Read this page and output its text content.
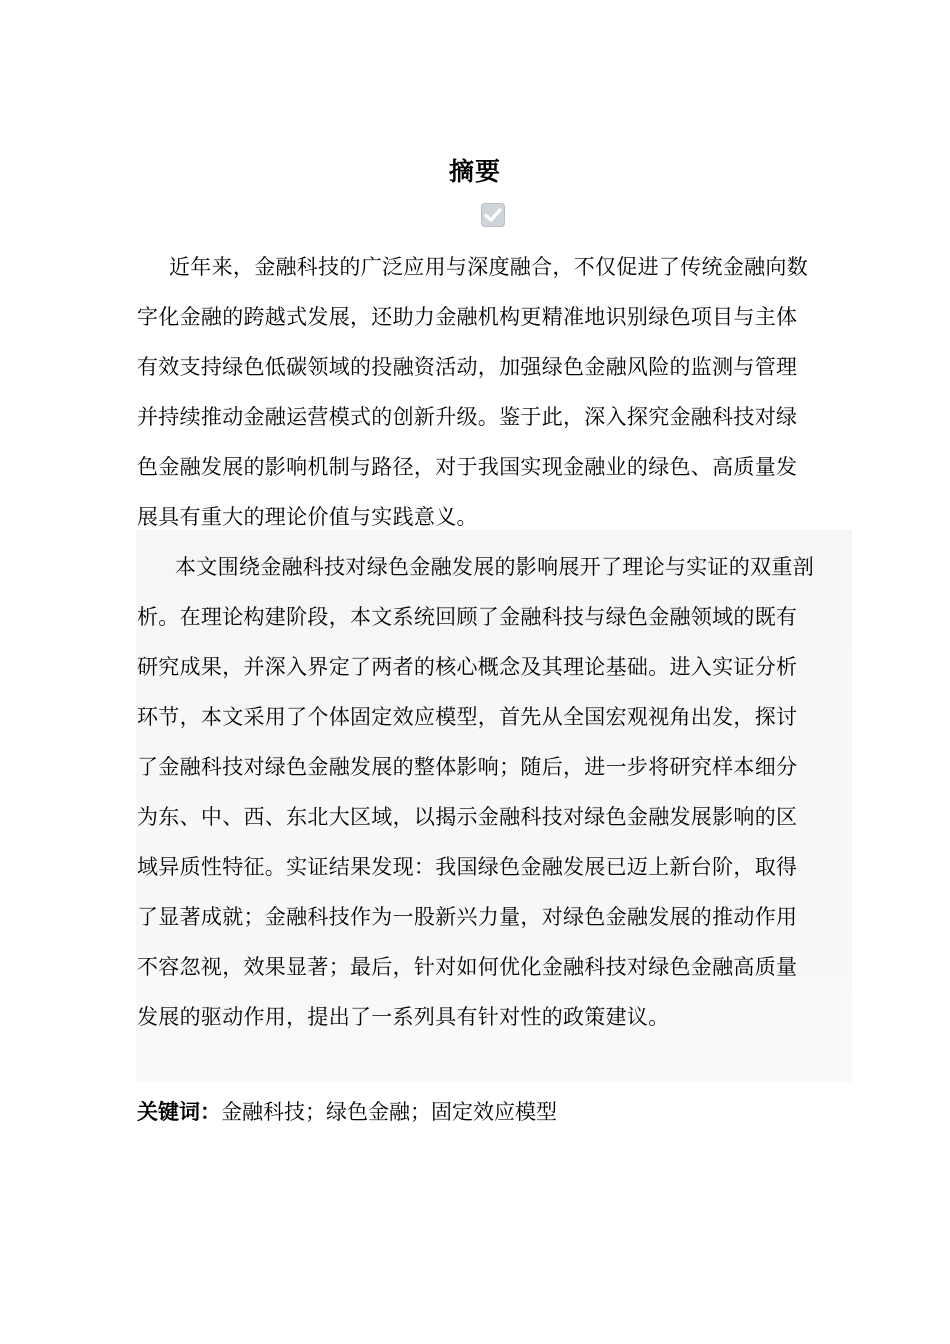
摘要
近年来，金融科技的广泛应用与深度融合，不仅促进了传统金融向数
字化金融的跨越式发展，还助力金融机构更精准地识别绿色项目与主体
有效支持绿色低碳领域的投融资活动，加强绿色金融风险的监测与管理
并持续推动金融运营模式的创新升级。鉴于此，深入探究金融科技对绿
色金融发展的影响机制与路径，对于我国实现金融业的绿色、高质量发
展具有重大的理论价值与实践意义。
本文围绕金融科技对绿色金融发展的影响展开了理论与实证的双重剖
析。在理论构建阶段，本文系统回顾了金融科技与绿色金融领域的既有
研究成果，并深入界定了两者的核心概念及其理论基础。进入实证分析
环节，本文采用了个体固定效应模型，首先从全国宏观视角出发，探讨
了金融科技对绿色金融发展的整体影响；随后，进一步将研究样本细分
为东、中、西、东北大区域，以揭示金融科技对绿色金融发展影响的区
域异质性特征。实证结果发现：我国绿色金融发展已迈上新台阶，取得
了显著成就；金融科技作为一股新兴力量，对绿色金融发展的推动作用
不容忽视，效果显著；最后，针对如何优化金融科技对绿色金融高质量
发展的驱动作用，提出了一系列具有针对性的政策建议。
关键词：金融科技；绿色金融；固定效应模型
